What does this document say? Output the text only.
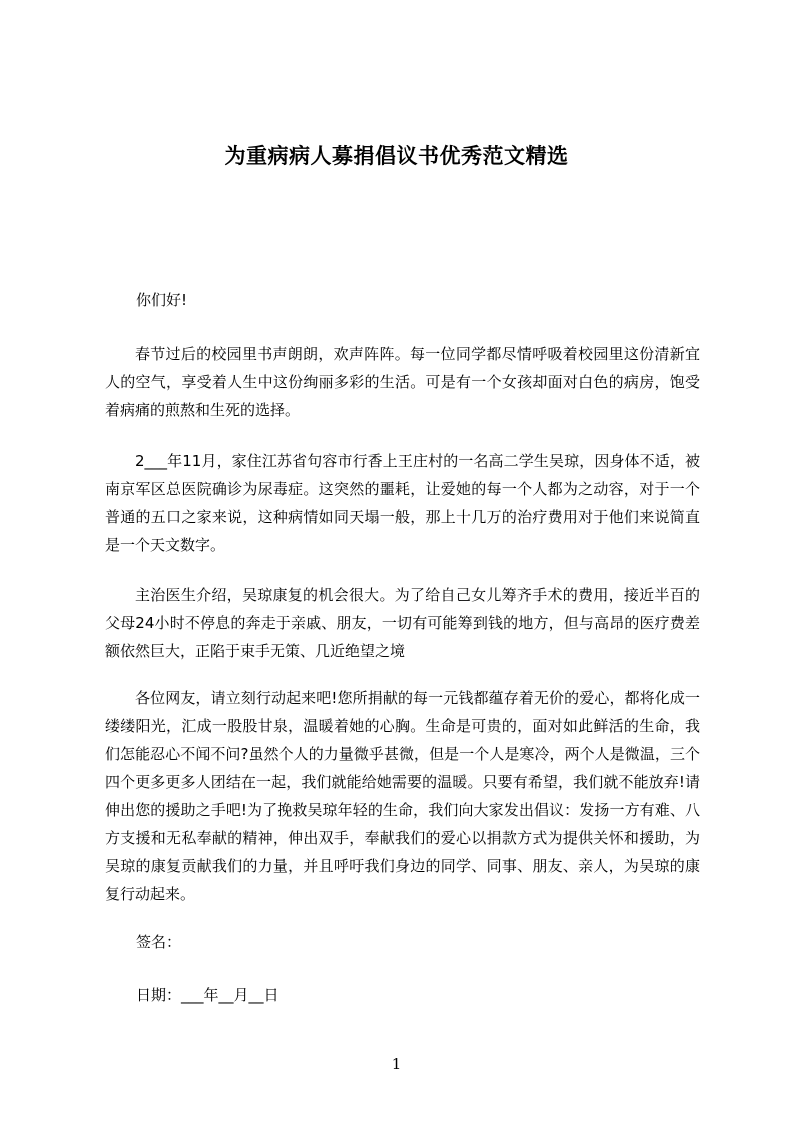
为重病病人募捐倡议书优秀范文精选
你们好!
春节过后的校园里书声朗朗，欢声阵阵。每一位同学都尽情呼吸着校园里这份清新宜人的空气，享受着人生中这份绚丽多彩的生活。可是有一个女孩却面对白色的病房，饱受着病痛的煎熬和生死的选择。
2___年11月，家住江苏省句容市行香上王庄村的一名高二学生吴琼，因身体不适，被南京军区总医院确诊为尿毒症。这突然的噩耗，让爱她的每一个人都为之动容，对于一个普通的五口之家来说，这种病情如同天塌一般，那上十几万的治疗费用对于他们来说简直是一个天文数字。
主治医生介绍，吴琼康复的机会很大。为了给自己女儿筹齐手术的费用，接近半百的父母24小时不停息的奔走于亲戚、朋友，一切有可能筹到钱的地方，但与高昂的医疗费差额依然巨大，正陷于束手无策、几近绝望之境
各位网友，请立刻行动起来吧!您所捐献的每一元钱都蕴存着无价的爱心，都将化成一缕缕阳光，汇成一股股甘泉，温暖着她的心胸。生命是可贵的，面对如此鲜活的生命，我们怎能忍心不闻不问?虽然个人的力量微乎甚微，但是一个人是寒冷，两个人是微温，三个四个更多更多人团结在一起，我们就能给她需要的温暖。只要有希望，我们就不能放弃!请伸出您的援助之手吧!为了挽救吴琼年轻的生命，我们向大家发出倡议：发扬一方有难、八方支援和无私奉献的精神，伸出双手，奉献我们的爱心以捐款方式为提供关怀和援助，为吴琼的康复贡献我们的力量，并且呼吁我们身边的同学、同事、朋友、亲人，为吴琼的康复行动起来。
签名：
日期：___年__月__日
1
